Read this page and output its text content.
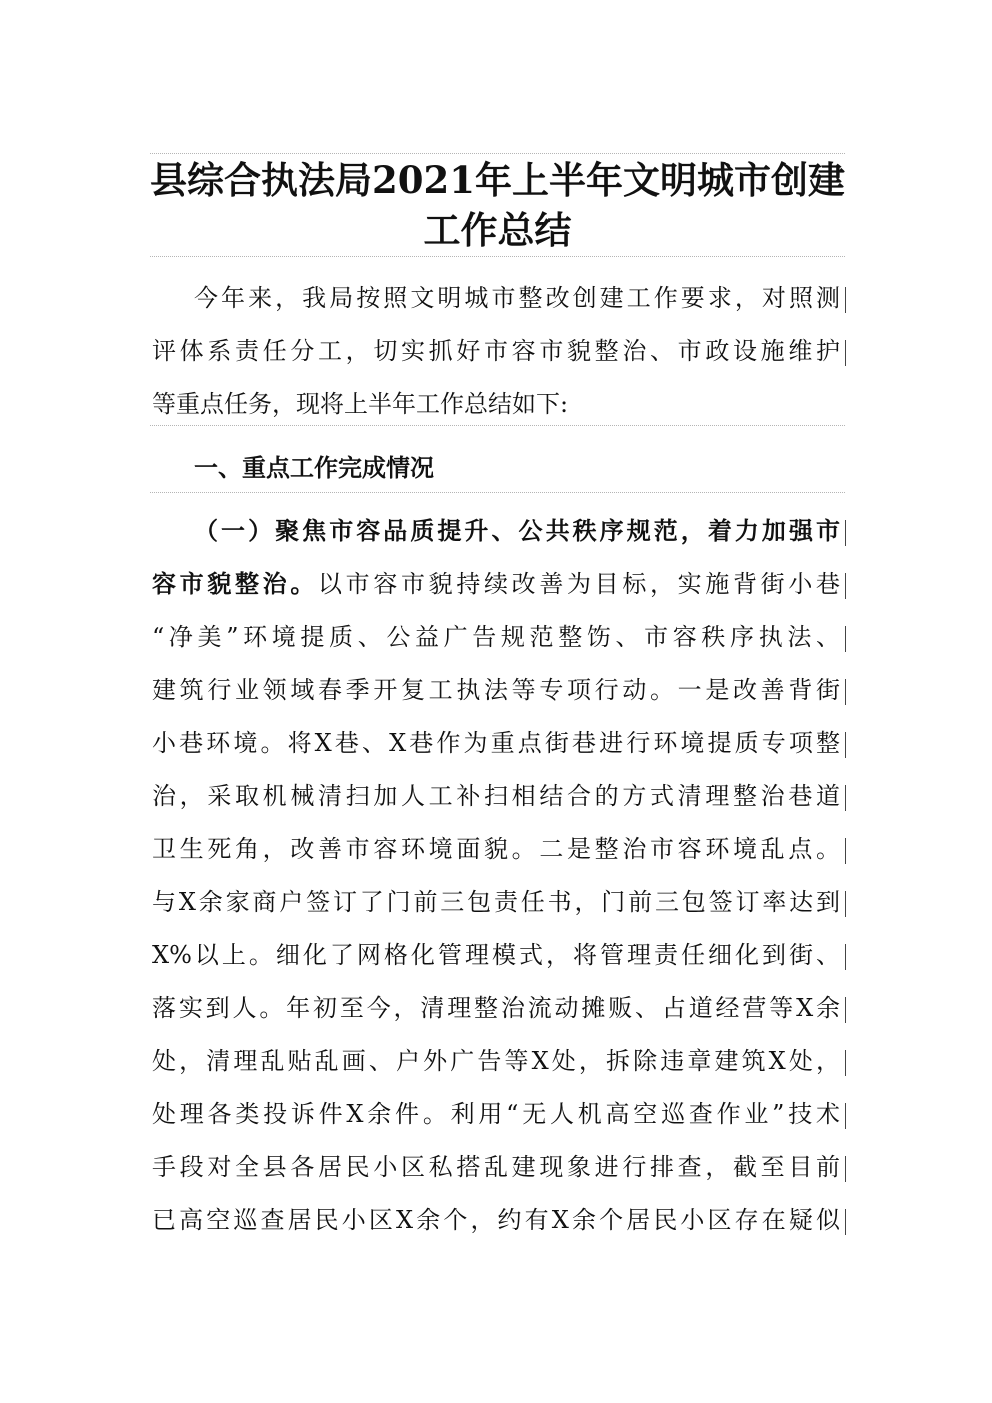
县综合执法局2021年上半年文明城市创建
工作总结
今年来，我局按照文明城市整改创建工作要求，对照测
评体系责任分工，切实抓好市容市貌整治、市政设施维护
等重点任务，现将上半年工作总结如下:
一、重点工作完成情况
（一）聚焦市容品质提升、公共秩序规范，着力加强市
容市貌整治。以市容市貌持续改善为目标，实施背街小巷
“净美”环境提质、公益广告规范整饬、市容秩序执法、
建筑行业领域春季开复工执法等专项行动。一是改善背街
小巷环境。将X巷、X巷作为重点街巷进行环境提质专项整
治，采取机械清扫加人工补扫相结合的方式清理整治巷道
卫生死角，改善市容环境面貌。二是整治市容环境乱点。
与X余家商户签订了门前三包责任书，门前三包签订率达到
X%以上。细化了网格化管理模式，将管理责任细化到街、
落实到人。年初至今，清理整治流动摊贩、占道经营等X余
处，清理乱贴乱画、户外广告等X处，拆除违章建筑X处，
处理各类投诉件X余件。利用“无人机高空巡查作业”技术
手段对全县各居民小区私搭乱建现象进行排查，截至目前
已高空巡查居民小区X余个，约有X余个居民小区存在疑似
